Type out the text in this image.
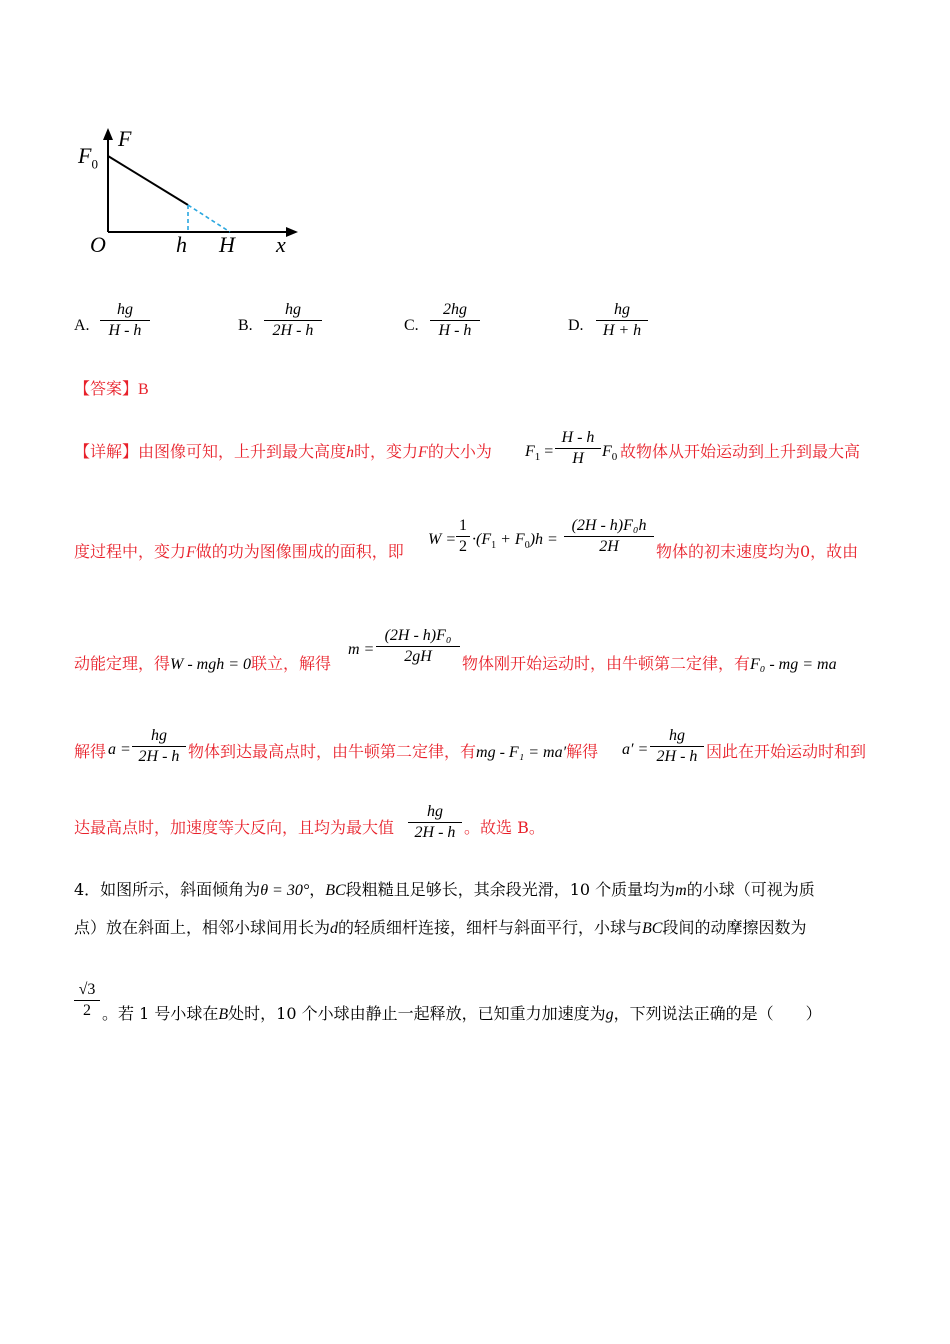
F
$F_0$
O	h H x
A.
hg
H - h	B.
hg
2H - h	C.
2hg
H - h	D.
hg
H + h
【答案】B
【详解】由图像可知，上升到最大高度h时，变力F的大小为 $F_1$ =
H - h
H	$F_0$ 故物体从开始运动到上升到最大高
度过程中，变力F做的功为图像围成的面积，即
W =
1
$2 \cdot(F_1 + F_0)h$ =
(2H - h)F₀h
2H	物体的初末速度均为0，故由
动能定理，得W - mgh = 0联立，解得
m =
(2H - h)F₀
2gH	物体刚开始运动时，由牛顿第二定律，有F₀ - mg = ma
解得 a =
hg
2H - h 物体到达最高点时，由牛顿第二定律，有mg - F₁ = ma′解得 a′ =
hg
2H - h 因此在开始运动时和到
达最高点时，加速度等大反向，且均为最大值
hg
2H - h 。故选 B。
4．如图所示，斜面倾角为θ = 30°，BC段粗糙且足够长，其余段光滑，10 个质量均为m的小球（可视为质
点）放在斜面上，相邻小球间用长为d的轻质细杆连接，细杆与斜面平行，小球与BC段间的动摩擦因数为
√3
2 。若 1 号小球在B处时，10 个小球由静止一起释放，已知重力加速度为g，下列说法正确的是（　　）
